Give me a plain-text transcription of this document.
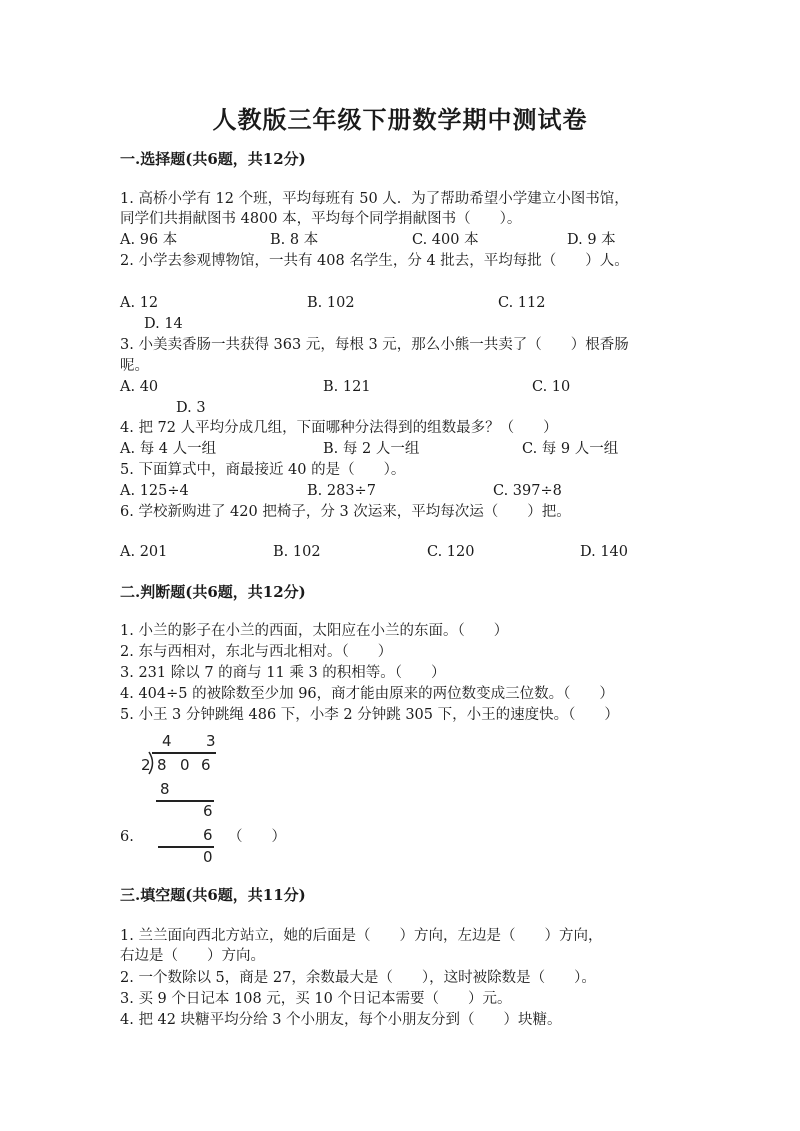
人教版三年级下册数学期中测试卷
一.选择题(共6题，共12分)
1. 高桥小学有 12 个班，平均每班有 50 人．为了帮助希望小学建立小图书馆，
同学们共捐献图书 4800 本，平均每个同学捐献图书（　　）。
A. 96 本	B. 8 本	C. 400 本	D. 9 本
2. 小学去参观博物馆，一共有 408 名学生，分 4 批去，平均每批（　　）人。
A. 12	B. 102	C. 112
D. 14
3. 小美卖香肠一共获得 363 元，每根 3 元，那么小熊一共卖了（　　）根香肠
呢。
A. 40	B. 121	C. 10
D. 3
4. 把 72 人平均分成几组，下面哪种分法得到的组数最多？（　　）
A. 每 4 人一组	B. 每 2 人一组	C. 每 9 人一组
5. 下面算式中，商最接近 40 的是（　　）。
A. 125÷4	B. 283÷7	C. 397÷8
6. 学校新购进了 420 把椅子，分 3 次运来，平均每次运（　　）把。
A. 201	B. 102	C. 120	D. 140
二.判断题(共6题，共12分)
1. 小兰的影子在小兰的西面，太阳应在小兰的东面。（　　）
2. 东与西相对，东北与西北相对。（　　）
3. 231 除以 7 的商与 11 乘 3 的积相等。（　　）
4. 404÷5 的被除数至少加 96，商才能由原来的两位数变成三位数。（　　）
5. 小王 3 分钟跳绳 486 下，小李 2 分钟跳 305 下，小王的速度快。（　　）
4 3
2 8 0 6
8
6
6
0
6.	（　　）
三.填空题(共6题，共11分)
1. 兰兰面向西北方站立，她的后面是（　　）方向，左边是（　　）方向，
右边是（　　）方向。
2. 一个数除以 5，商是 27，余数最大是（　　），这时被除数是（　　）。
3. 买 9 个日记本 108 元，买 10 个日记本需要（　　）元。
4. 把 42 块糖平均分给 3 个小朋友，每个小朋友分到（　　）块糖。
